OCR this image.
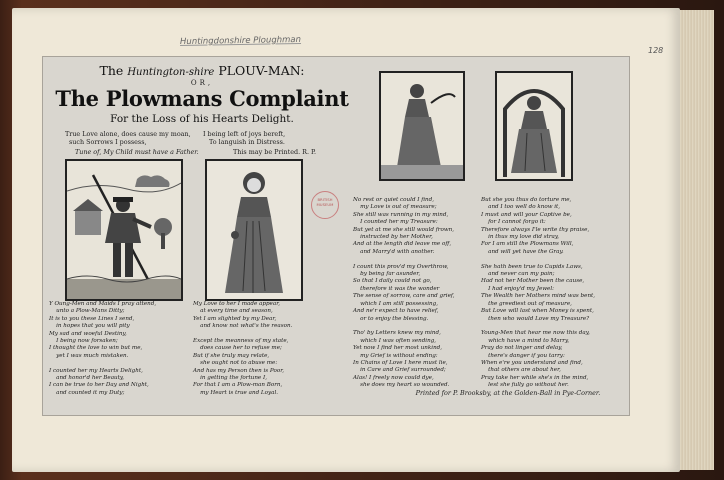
Huntingdonshire Ploughman
128
The Huntington-shire PLOUV-MAN:
OR,
The Plowmans Complaint
For the Loss of his Hearts Delight.
True Love alone, does cause my moan,
such Sorrows I possess,
I being left of joys bereft,
To languish in Distress.
Tune of, My Child must have a Father.	This may be Printed. R. P.
BRITISH MUSEUM
Y Oung-Men and Maids I pray attend,
unto a Plow-Mans Ditty;
It is to you these Lines I send,
in hopes that you will pity
My sad and woeful Destiny,
I being now forsaken;
I thought the love to win but me,
yet I was much mistaken.

I counted her my Hearts Delight,
and honor'd her Beauty,
I can be true to her Day and Night,
and counted it my Duty;
My Love to her I made appear,
at every time and season,
Yet I am slighted by my Dear,
and know not what's the reason.

Except the meanness of my state,
does cause her to refuse me;
But if she truly may relate,
she ought not to abuse me:
And has my Person then is Poor,
in getting the fortune I,
For that I am a Plow-man Born,
my Heart is true and Loyal.
No rest or quiet could I find,
my Love is out of measure;
She still was running in my mind,
I counted her my Treasure:
But yet at me she still would frown,
instructed by her Mother,
And at the length did leave me off,
and Marry'd with another.

I count this prov'd my Overthrow,
by being far asunder,
So that I daily could not go,
therefore it was the wonder
The sense of sorrow, care and grief,
which I am still possessing,
And ne'r expect to have relief,
or to enjoy the blessing.

Tho' by Letters knew my mind,
which I was often sending,
Yet now I find her most unkind,
my Grief is without ending:
In Chains of Love I here must lie,
in Care and Grief surrounded;
Alas! I freely now could dye,
she does my heart so wounded.
But she you thus do torture me,
and I too well do know it,
I must and will your Captive be,
for I cannot forgo it:
Therefore always I'le write thy praise,
in thus my love did stray,
For I am still the Plowmans Will,
and will yet have the Gray.

She hath been true to Cupids Laws,
and never can my pain;
Had not her Mother been the cause,
I had enjoy'd my Jewel:
The Wealth her Mothers mind was bent,
the greediest out of measure,
But Love will last when Money is spent,
then who would Love my Treasure?

Young-Men that hear me now this day,
which have a mind to Marry,
Pray do not linger and delay,
there's danger if you tarry:
When e're you understand and find,
that others are about her,
Pray take her while she's in the mind,
lest she fully go without her.
Printed for P. Brooksby, at the Golden-Ball in Pye-Corner.
